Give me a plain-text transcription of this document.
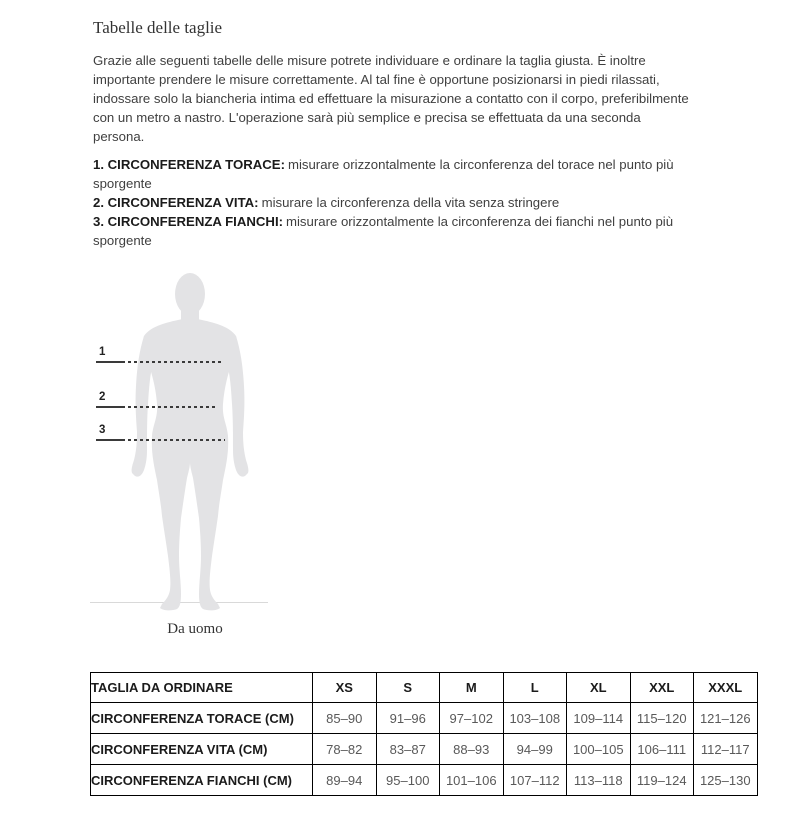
Tabelle delle taglie

Grazie alle seguenti tabelle delle misure potrete individuare e ordinare la taglia giusta. È inoltre importante prendere le misure correttamente. Al tal fine è opportune posizionarsi in piedi rilassati, indossare solo la biancheria intima ed effettuare la misurazione a contatto con il corpo, preferibilmente con un metro a nastro. L'operazione sarà più semplice e precisa se effettuata da una seconda persona.

1. CIRCONFERENZA TORACE: misurare orizzontalmente la circonferenza del torace nel punto più sporgente
2. CIRCONFERENZA VITA: misurare la circonferenza della vita senza stringere
3. CIRCONFERENZA FIANCHI: misurare orizzontalmente la circonferenza dei fianchi nel punto più sporgente
1
2
3
Da uomo
TAGLIA DA ORDINARE	XS	S	M	L	XL	XXL	XXXL
CIRCONFERENZA TORACE (CM)	85–90	91–96	97–102	103–108	109–114	115–120	121–126
CIRCONFERENZA VITA (CM)	78–82	83–87	88–93	94–99	100–105	106–111	112–117
CIRCONFERENZA FIANCHI (CM)	89–94	95–100	101–106	107–112	113–118	119–124	125–130
